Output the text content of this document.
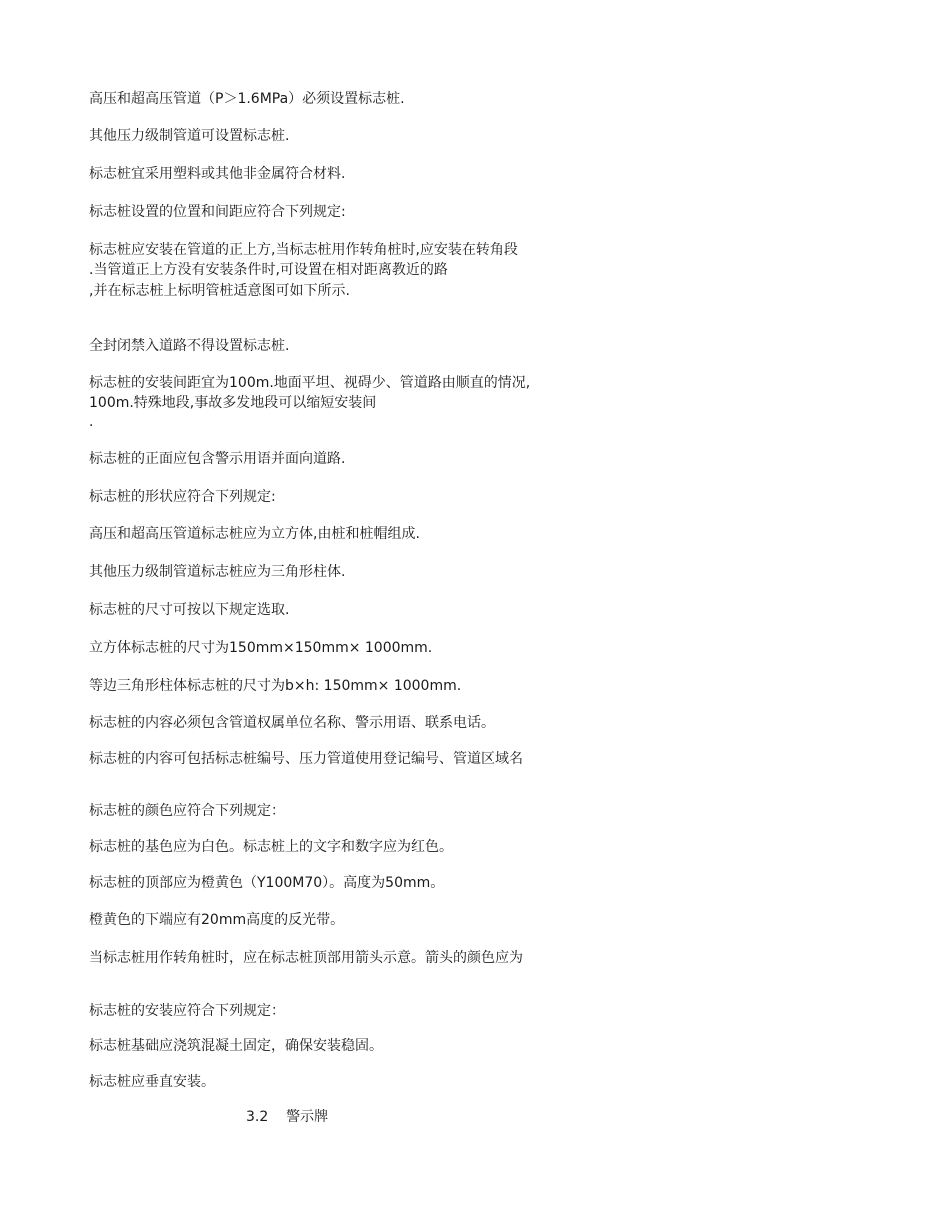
高压和超高压管道（P＞1.6MPa）必须设置标志桩.
其他压力级制管道可设置标志桩.
标志桩宜采用塑料或其他非金属符合材料.
标志桩设置的位置和间距应符合下列规定:
标志桩应安装在管道的正上方,当标志桩用作转角桩时,应安装在转角段
.当管道正上方没有安装条件时,可设置在相对距离教近的路
,并在标志桩上标明管桩适意图可如下所示.
全封闭禁入道路不得设置标志桩.
标志桩的安装间距宜为100m.地面平坦、视碍少、管道路由顺直的情况,
100m.特殊地段,事故多发地段可以缩短安装间
.
标志桩的正面应包含警示用语并面向道路.
标志桩的形状应符合下列规定:
高压和超高压管道标志桩应为立方体,由桩和桩帽组成.
其他压力级制管道标志桩应为三角形柱体.
标志桩的尺寸可按以下规定选取.
立方体标志桩的尺寸为150mm×150mm× 1000mm.
等边三角形柱体标志桩的尺寸为b×h: 150mm× 1000mm.
标志桩的内容必须包含管道权属单位名称、警示用语、联系电话。
标志桩的内容可包括标志桩编号、压力管道使用登记编号、管道区域名
标志桩的颜色应符合下列规定：
标志桩的基色应为白色。标志桩上的文字和数字应为红色。
标志桩的顶部应为橙黄色（Y100M70）。高度为50mm。
橙黄色的下端应有20mm高度的反光带。
当标志桩用作转角桩时，应在标志桩顶部用箭头示意。箭头的颜色应为
标志桩的安装应符合下列规定：
标志桩基础应浇筑混凝土固定，确保安装稳固。
标志桩应垂直安装。
3.2    警示牌
